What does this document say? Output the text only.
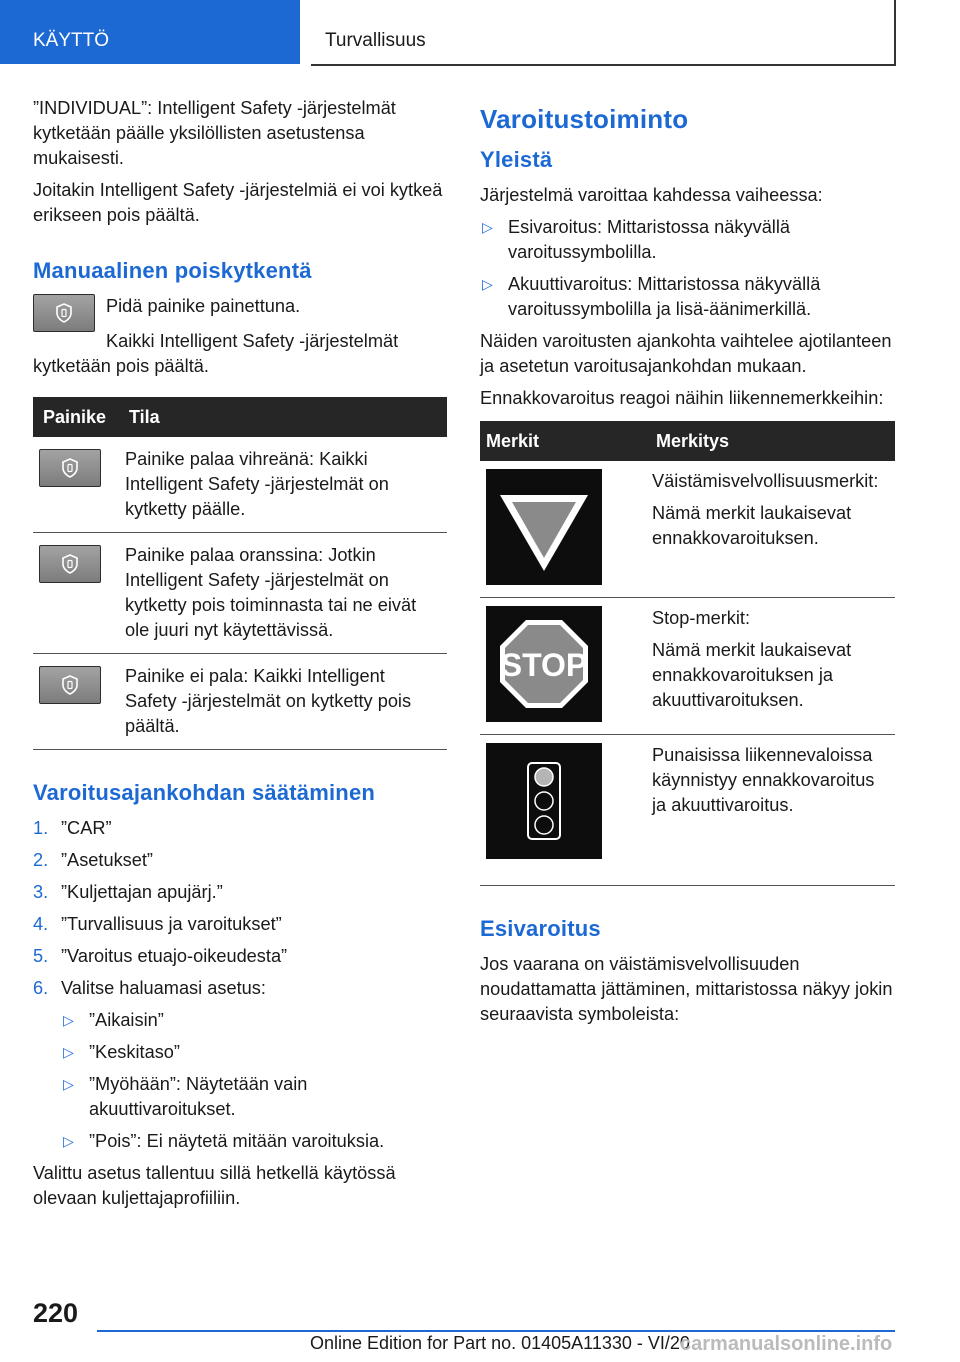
KÄYTTÖ	Turvallisuus

”INDIVIDUAL”: Intelligent Safety ‑järjestelmät kytketään päälle yksilöllisten asetustensa mukaisesti.

Joitakin Intelligent Safety ‑järjestelmiä ei voi kytkeä erikseen pois päältä.

Manuaalinen poiskytkentä

Pidä painike painettuna.

Kaikki Intelligent Safety ‑järjestelmät kytketään pois päältä.

Painike	Tila

	Painike palaa vihreänä: Kaikki Intelligent Safety ‑järjestelmät on kytketty päälle.

	Painike palaa oranssina: Jotkin Intelligent Safety ‑järjestelmät on kytketty pois toiminnasta tai ne eivät ole juuri nyt käytettävissä.

	Painike ei pala: Kaikki Intelligent Safety ‑järjestelmät on kytketty pois päältä.
Varoitusajankohdan säätäminen
1. ”CAR”
2. ”Asetukset”
3. ”Kuljettajan apujärj.”
4. ”Turvallisuus ja varoitukset”
5. ”Varoitus etuajo‑oikeudesta”
6. Valitse haluamasi asetus:
▷ ”Aikaisin”
▷ ”Keskitaso”
▷ ”Myöhään”: Näytetään vain akuuttivaroitukset.
▷ ”Pois”: Ei näytetä mitään varoituksia.

Valittu asetus tallentuu sillä hetkellä käytössä olevaan kuljettajaprofiiliin.

Varoitustoiminto
Yleistä

Järjestelmä varoittaa kahdessa vaiheessa:

▷ Esivaroitus: Mittaristossa näkyvällä varoitussymbolilla.
▷ Akuuttivaroitus: Mittaristossa näkyvällä varoitussymbolilla ja lisä‑äänimerkillä.

Näiden varoitusten ajankohta vaihtelee ajotilanteen ja asetetun varoitusajankohdan mukaan.

Ennakkovaroitus reagoi näihin liikennemerkkeihin:

Merkit	Merkitys

Väistämisvelvollisuusmerkit:

Nämä merkit laukaisevat ennakkovaroituksen.

STOP	Stop‑merkit:

Nämä merkit laukaisevat ennakkovaroituksen ja akuuttivaroituksen.

Punaisissa liikennevaloissa käynnistyy ennakkovaroitus ja akuuttivaroitus.

Esivaroitus

Jos vaarana on väistämisvelvollisuuden noudattamatta jättäminen, mittaristossa näkyy jokin seuraavista symboleista:

220
Online Edition for Part no. 01405A11330 - VI/20
carmanualsonline.info
